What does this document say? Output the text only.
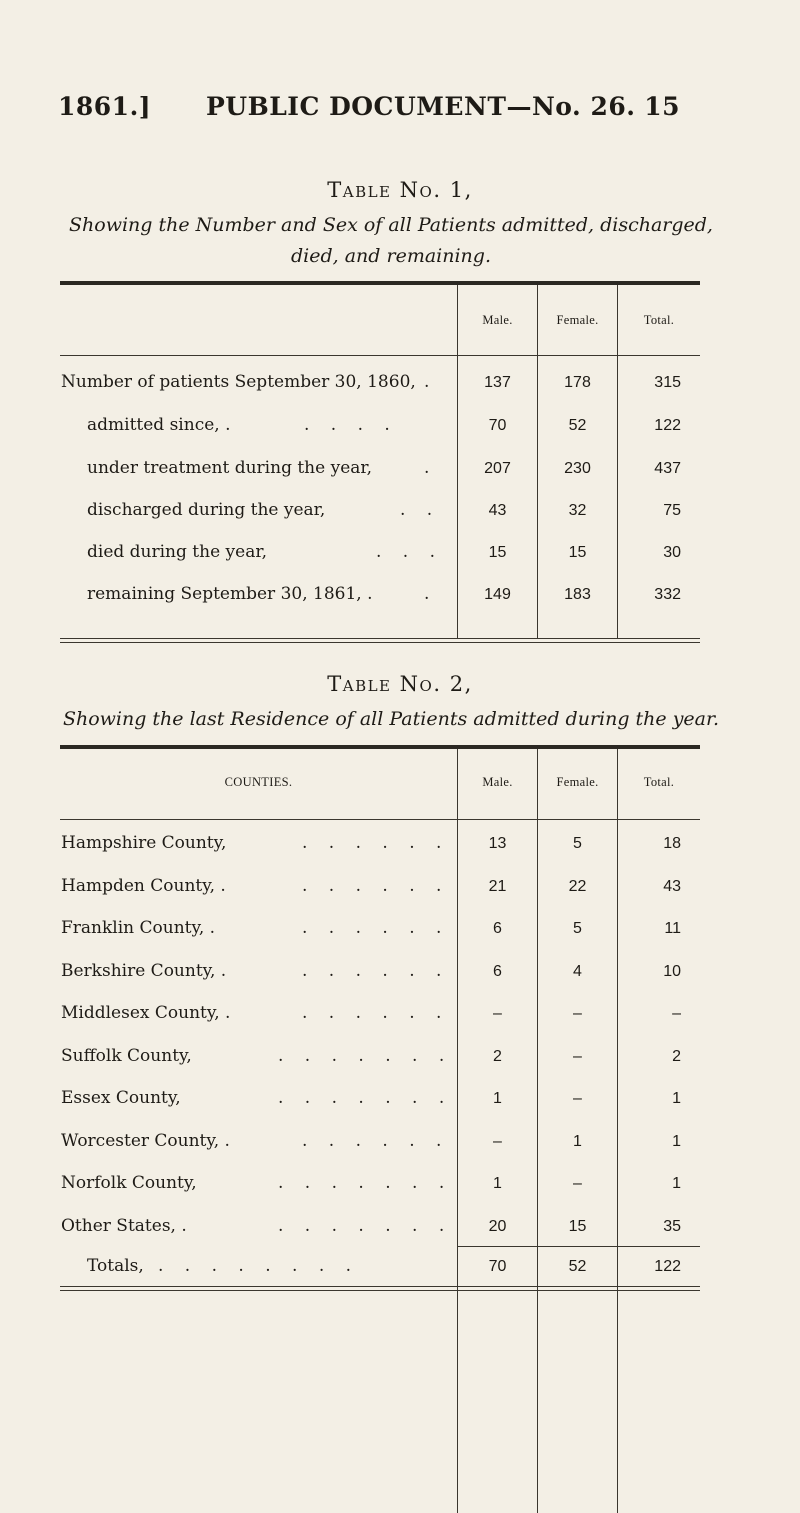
1861.] PUBLIC DOCUMENT—No. 26. 15
Table No. 1,
Showing the Number and Sex of all Patients admitted, discharged, died, and remaining.
Male.	Female.	Total.
Number of patients September 30, 1860, .	137	178	315
admitted since, .	. . . .	70	52	122
under treatment during the year,	.	207	230	437
discharged during the year,	. .	43	32	75
died during the year,	. . .	15	15	30
remaining September 30, 1861, .	.	149	183	332
Table No. 2,
Showing the last Residence of all Patients admitted during the year.
COUNTIES.	Male.	Female.	Total.
Hampshire County,	. . . . . .	13	5	18
Hampden County, .	. . . . . .	21	22	43
Franklin County, .	. . . . . .	6	5	11
Berkshire County, .	. . . . . .	6	4	10
Middlesex County, .	. . . . . .	–	–	–
Suffolk County,	. . . . . . .	2	–	2
Essex County,	. . . . . . .	1	–	1
Worcester County, .	. . . . . .	–	1	1
Norfolk County,	. . . . . . .	1	–	1
Other States, .	. . . . . . .	20	15	35
Totals, . . . . . . . .	70	52	122
